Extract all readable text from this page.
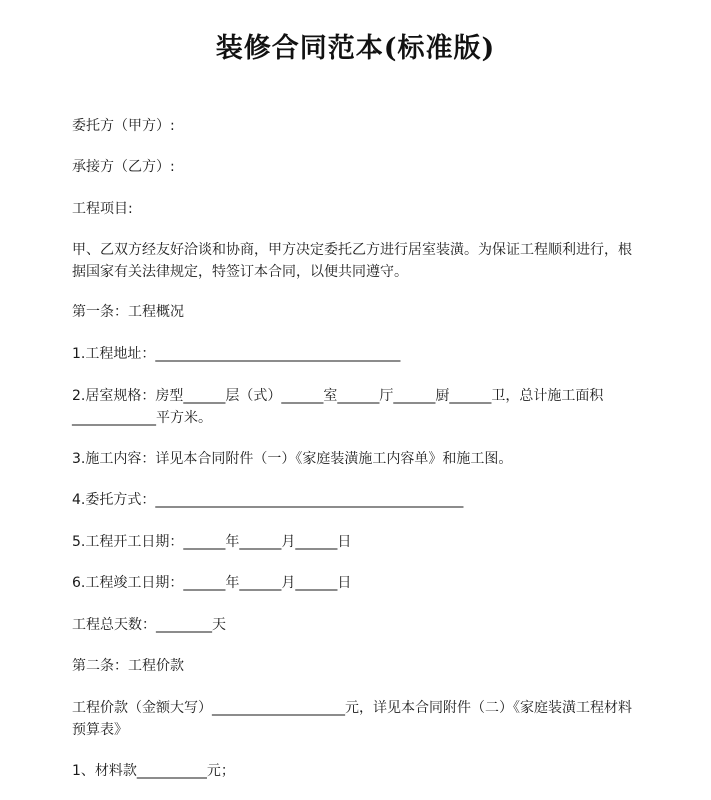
装修合同范本(标准版)
委托方（甲方）:
承接方（乙方）:
工程项目:
甲、乙双方经友好洽谈和协商，甲方决定委托乙方进行居室装潢。为保证工程顺利进行，根
据国家有关法律规定，特签订本合同，以便共同遵守。
第一条：工程概况
1.工程地址：___________________________________
2.居室规格：房型______层（式）______室______厅______厨______卫，总计施工面积
____________平方米。
3.施工内容：详见本合同附件（一）《家庭装潢施工内容单》和施工图。
4.委托方式：____________________________________________
5.工程开工日期：______年______月______日
6.工程竣工日期：______年______月______日
工程总天数：________天
第二条：工程价款
工程价款（金额大写）___________________元，详见本合同附件（二）《家庭装潢工程材料
预算表》
1、材料款__________元；
